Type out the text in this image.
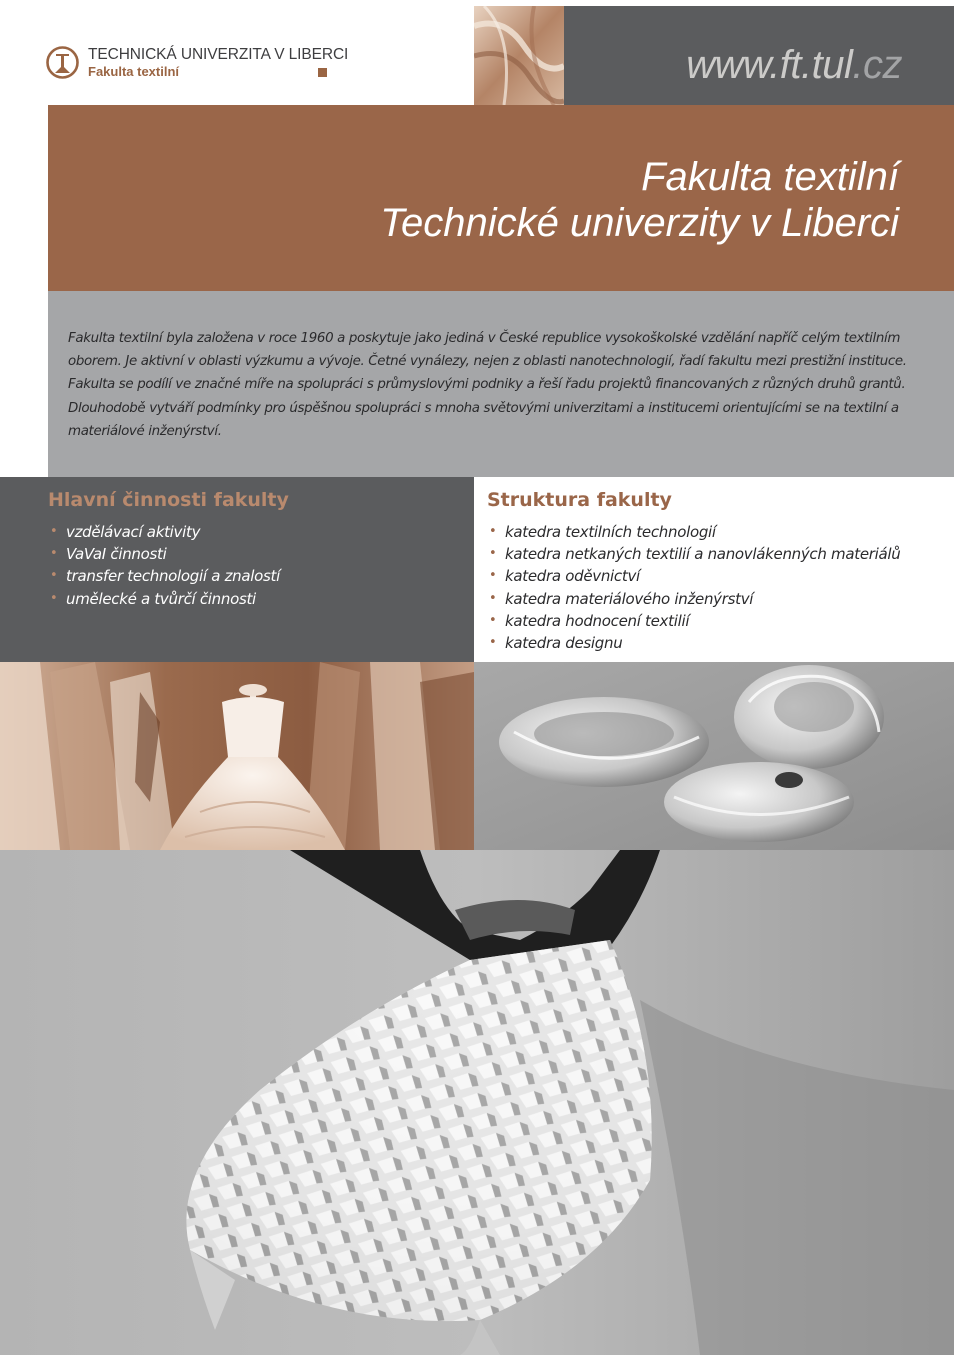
TECHNICKÁ UNIVERZITA V LIBERCI
Fakulta textilní	www.ft.tul.cz
Fakulta textilní
Technické univerzity v Liberci

Fakulta textilní byla založena v roce 1960 a poskytuje jako jediná v České republice vysokoškolské vzdělání napříč celým textilním oborem. Je aktivní v oblasti výzkumu a vývoje. Četné vynálezy, nejen z oblasti nanotechnologií, řadí fakultu mezi prestižní instituce. Fakulta se podílí ve značné míře na spolupráci s průmyslovými podniky a řeší řadu projektů financovaných z různých druhů grantů. Dlouhodobě vytváří podmínky pro úspěšnou spolupráci s mnoha světovými univerzitami a institucemi orientujícími se na textilní a materiálové inženýrství.

Hlavní činnosti fakulty
• vzdělávací aktivity
• VaVaI činnosti
• transfer technologií a znalostí
• umělecké a tvůrčí činnosti
Struktura fakulty
• katedra textilních technologií
• katedra netkaných textilií a nanovlákenných materiálů
• katedra oděvnictví
• katedra materiálového inženýrství
• katedra hodnocení textilií
• katedra designu
